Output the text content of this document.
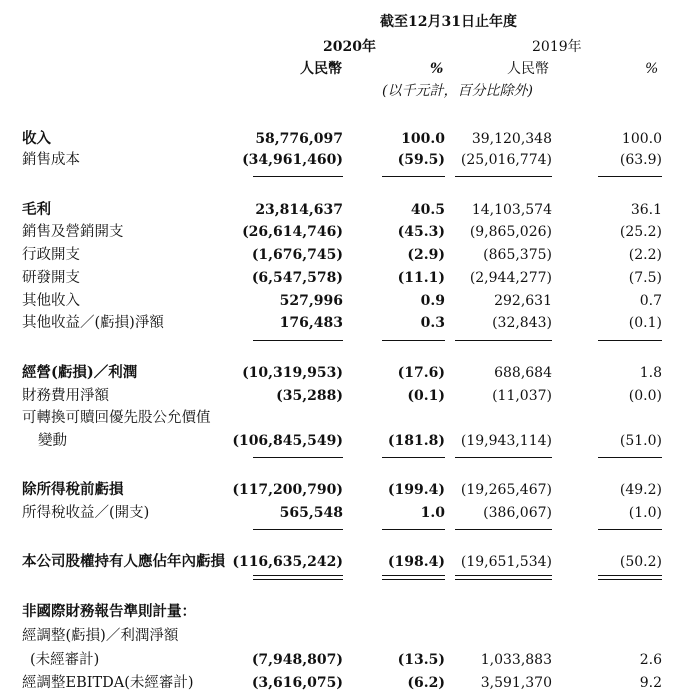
截至12月31日止年度
2020年	2019年
人民幣	%	人民幣	%
(以千元計，百分比除外)
收入	58,776,097	100.0 39,120,348	100.0
銷售成本	(34,961,460)	(59.5) (25,016,774)	(63.9)
毛利	23,814,637	40.5 14,103,574	36.1
銷售及營銷開支	(26,614,746)	(45.3) (9,865,026)	(25.2)
行政開支	(1,676,745)	(2.9)	(865,375)	(2.2)
研發開支	(6,547,578)	(11.1) (2,944,277)	(7.5)
其他收入	527,996	0.9	292,631	0.7
其他收益／(虧損)淨額	176,483	0.3	(32,843)	(0.1)
經營(虧損)／利潤	(10,319,953)	(17.6)	688,684	1.8
財務費用淨額	(35,288)	(0.1)	(11,037)	(0.0)
可轉換可贖回優先股公允價值
變動	(106,845,549)	(181.8) (19,943,114)	(51.0)
除所得稅前虧損	(117,200,790)	(199.4) (19,265,467)	(49.2)
所得稅收益／(開支)	565,548	1.0	(386,067)	(1.0)
本公司股權持有人應佔年內虧損 (116,635,242)	(198.4) (19,651,534)	(50.2)
非國際財務報告準則計量：
經調整(虧損)／利潤淨額
(未經審計)	(7,948,807)	(13.5)	1,033,883	2.6
經調整EBITDA(未經審計)	(3,616,075)	(6.2)	3,591,370	9.2
